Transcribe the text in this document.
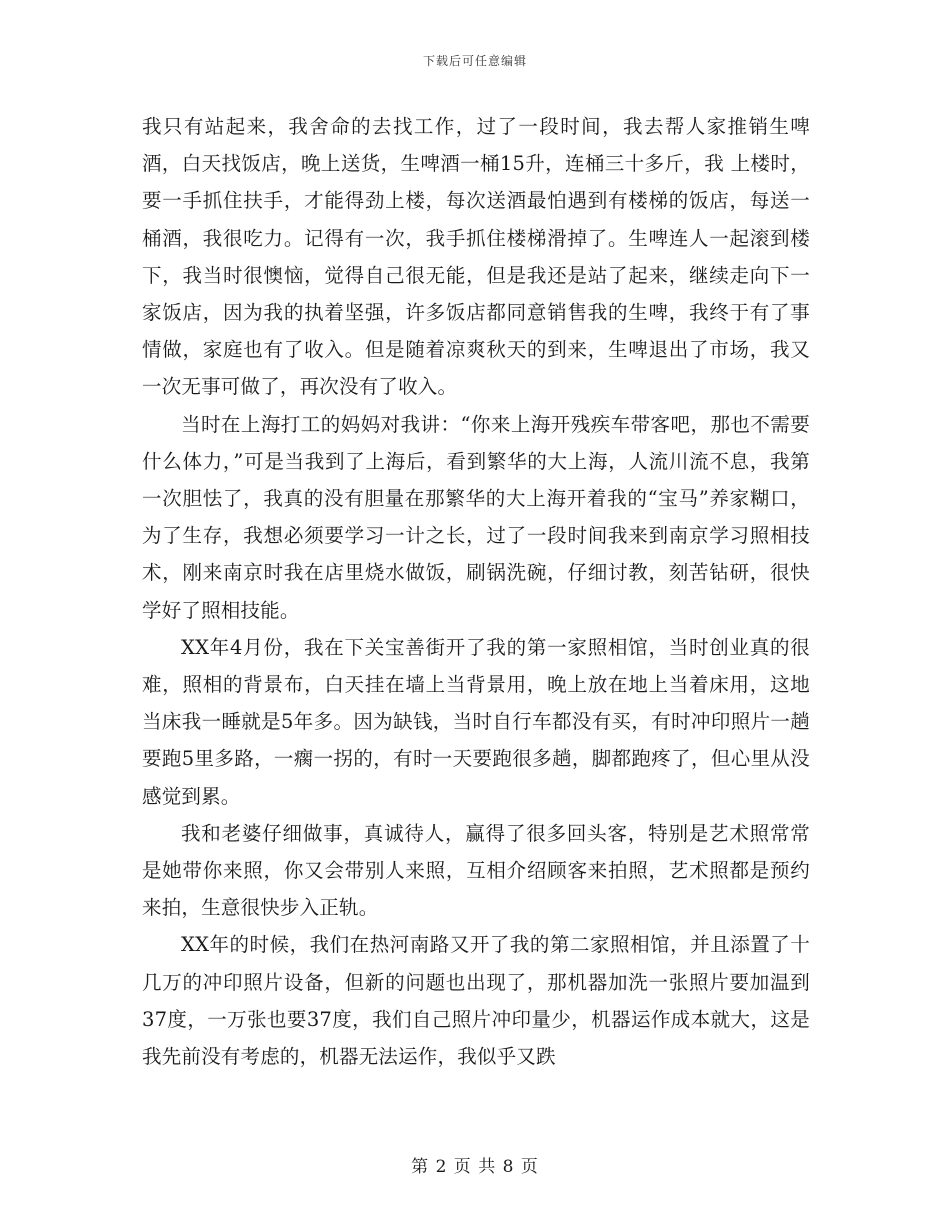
下载后可任意编辑

我只有站起来，我舍命的去找工作，过了一段时间，我去帮人家推销生啤酒，白天找饭店，晚上送货，生啤酒一桶15升，连桶三十多斤，我 上楼时，要一手抓住扶手，才能得劲上楼，每次送酒最怕遇到有楼梯的饭店，每送一桶酒，我很吃力。记得有一次，我手抓住楼梯滑掉了。生啤连人一起滚到楼下，我当时很懊恼，觉得自己很无能，但是我还是站了起来，继续走向下一家饭店，因为我的执着坚强，许多饭店都同意销售我的生啤，我终于有了事情做，家庭也有了收入。但是随着凉爽秋天的到来，生啤退出了市场，我又一次无事可做了，再次没有了收入。

当时在上海打工的妈妈对我讲：“你来上海开残疾车带客吧，那也不需要什么体力，”可是当我到了上海后，看到繁华的大上海，人流川流不息，我第一次胆怯了，我真的没有胆量在那繁华的大上海开着我的“宝马”养家糊口，为了生存，我想必须要学习一计之长，过了一段时间我来到南京学习照相技术，刚来南京时我在店里烧水做饭，刷锅洗碗，仔细讨教，刻苦钻研，很快学好了照相技能。

XX年4月份，我在下关宝善街开了我的第一家照相馆，当时创业真的很难，照相的背景布，白天挂在墙上当背景用，晚上放在地上当着床用，这地当床我一睡就是5年多。因为缺钱，当时自行车都没有买，有时冲印照片一趟要跑5里多路，一瘸一拐的，有时一天要跑很多趟，脚都跑疼了，但心里从没感觉到累。

我和老婆仔细做事，真诚待人，赢得了很多回头客，特别是艺术照常常是她带你来照，你又会带别人来照，互相介绍顾客来拍照，艺术照都是预约来拍，生意很快步入正轨。

XX年的时候，我们在热河南路又开了我的第二家照相馆，并且添置了十几万的冲印照片设备，但新的问题也出现了，那机器加洗一张照片要加温到37度，一万张也要37度，我们自己照片冲印量少，机器运作成本就大，这是我先前没有考虑的，机器无法运作，我似乎又跌

第 2 页 共 8 页
